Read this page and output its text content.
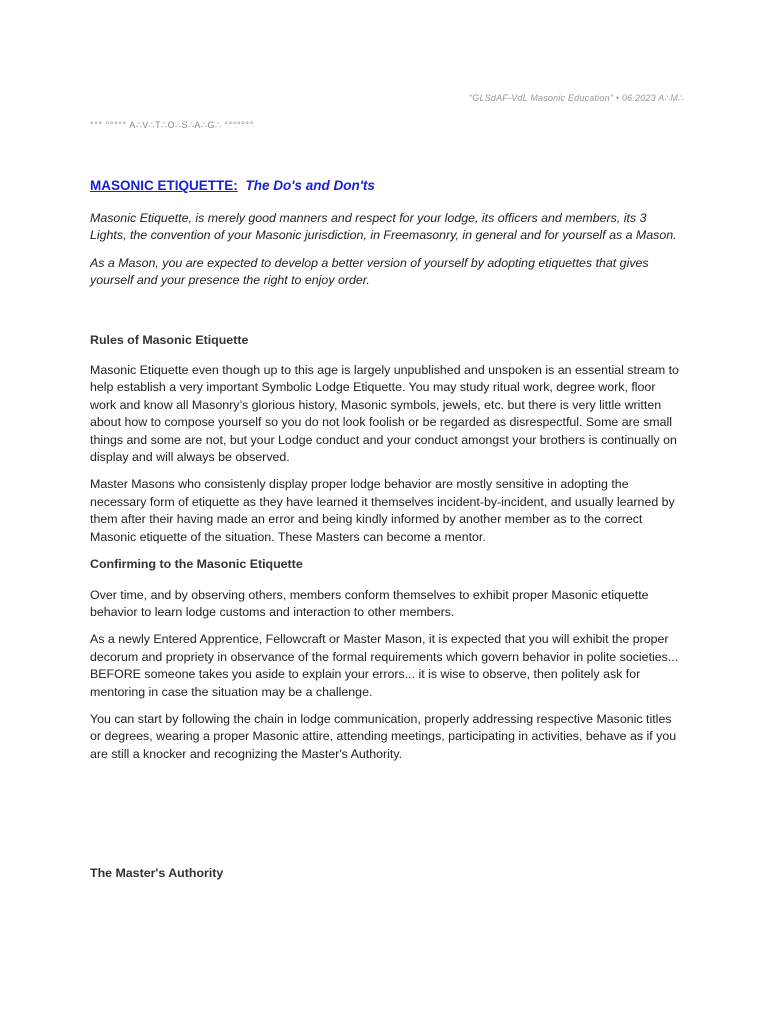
"GLSdAF-VdL Masonic Education" • 06.2023 A∴M∴
°°° °°°°° A∴V∴T∴O∴S∴A∴G∴ °°°°°°°
MASONIC ETIQUETTE: The Do's and Don'ts

Masonic Etiquette, is merely good manners and respect for your lodge, its officers and members, its 3 Lights, the convention of your Masonic jurisdiction, in Freemasonry, in general and for yourself as a Mason.

As a Mason, you are expected to develop a better version of yourself by adopting etiquettes that gives yourself and your presence the right to enjoy order.

Rules of Masonic Etiquette

Masonic Etiquette even though up to this age is largely unpublished and unspoken is an essential stream to help establish a very important Symbolic Lodge Etiquette. You may study ritual work, degree work, floor work and know all Masonry’s glorious history, Masonic symbols, jewels, etc. but there is very little written about how to compose yourself so you do not look foolish or be regarded as disrespectful. Some are small things and some are not, but your Lodge conduct and your conduct amongst your brothers is continually on display and will always be observed.

Master Masons who consistenly display proper lodge behavior are mostly sensitive in adopting the necessary form of etiquette as they have learned it themselves incident-by-incident, and usually learned by them after their having made an error and being kindly informed by another member as to the correct Masonic etiquette of the situation. These Masters can become a mentor.

Confirming to the Masonic Etiquette

Over time, and by observing others, members conform themselves to exhibit proper Masonic etiquette behavior to learn lodge customs and interaction to other members.

As a newly Entered Apprentice, Fellowcraft or Master Mason, it is expected that you will exhibit the proper decorum and propriety in observance of the formal requirements which govern behavior in polite societies... BEFORE someone takes you aside to explain your errors... it is wise to observe, then politely ask for mentoring in case the situation may be a challenge.

You can start by following the chain in lodge communication, properly addressing respective Masonic titles or degrees, wearing a proper Masonic attire, attending meetings, participating in activities, behave as if you are still a knocker and recognizing the Master's Authority.

The Master's Authority
